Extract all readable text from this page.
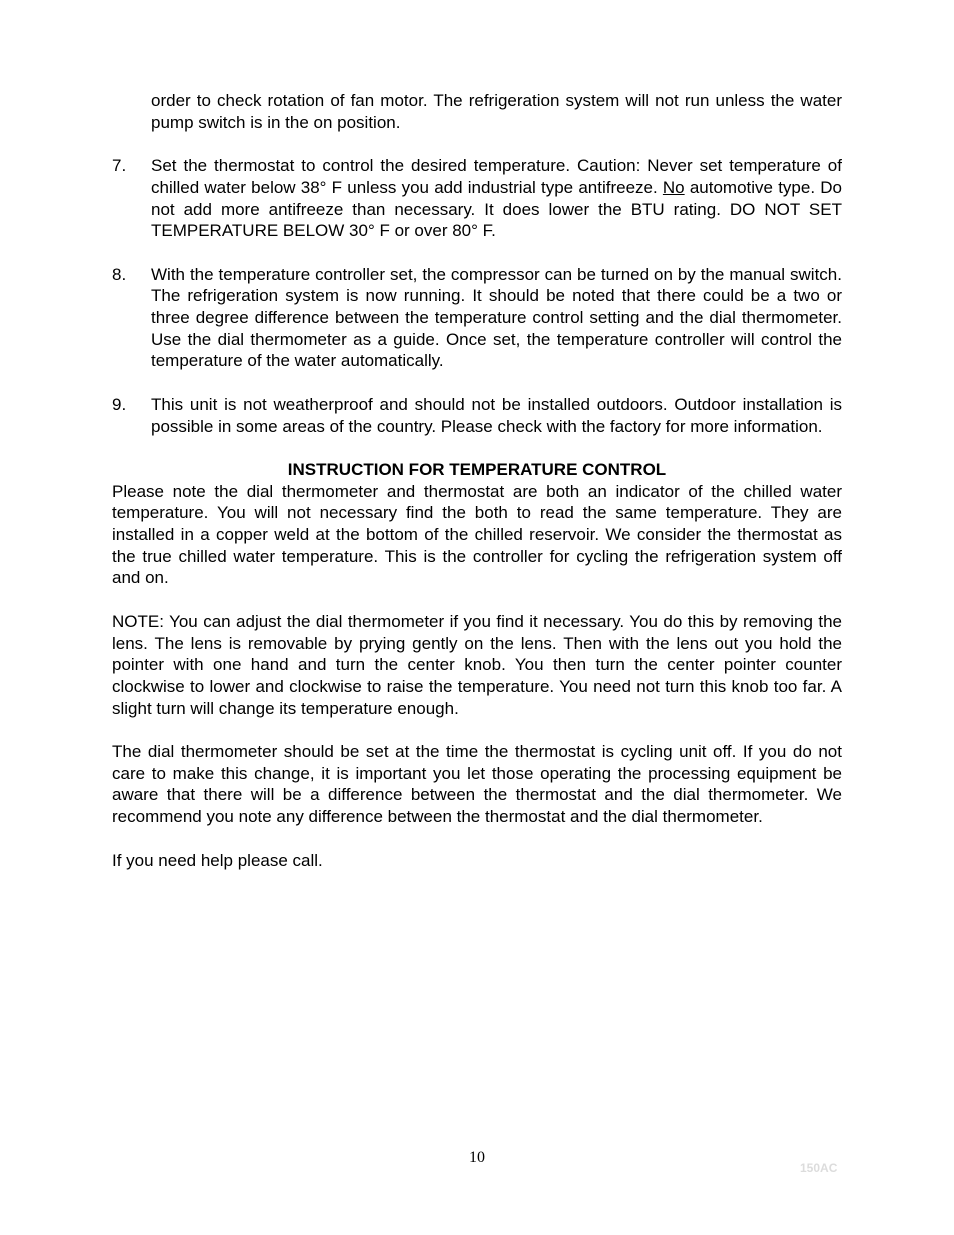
order to check rotation of fan motor. The refrigeration system will not run unless the water pump switch is in the on position.

7.	Set the thermostat to control the desired temperature. Caution: Never set temperature of chilled water below 38° F unless you add industrial type antifreeze. No automotive type. Do not add more antifreeze than necessary. It does lower the BTU rating. DO NOT SET TEMPERATURE BELOW 30° F or over 80° F.
8.	With the temperature controller set, the compressor can be turned on by the manual switch. The refrigeration system is now running. It should be noted that there could be a two or three degree difference between the temperature control setting and the dial thermometer. Use the dial thermometer as a guide. Once set, the temperature controller will control the temperature of the water automatically.
9.	This unit is not weatherproof and should not be installed outdoors. Outdoor installation is possible in some areas of the country. Please check with the factory for more information.
INSTRUCTION FOR TEMPERATURE CONTROL

Please note the dial thermometer and thermostat are both an indicator of the chilled water temperature. You will not necessary find the both to read the same temperature. They are installed in a copper weld at the bottom of the chilled reservoir. We consider the thermostat as the true chilled water temperature. This is the controller for cycling the refrigeration system off and on.

NOTE: You can adjust the dial thermometer if you find it necessary. You do this by removing the lens. The lens is removable by prying gently on the lens. Then with the lens out you hold the pointer with one hand and turn the center knob. You then turn the center pointer counter clockwise to lower and clockwise to raise the temperature. You need not turn this knob too far. A slight turn will change its temperature enough.

The dial thermometer should be set at the time the thermostat is cycling unit off. If you do not care to make this change, it is important you let those operating the processing equipment be aware that there will be a difference between the thermostat and the dial thermometer. We recommend you note any difference between the thermostat and the dial thermometer.

If you need help please call.

10
150AC
